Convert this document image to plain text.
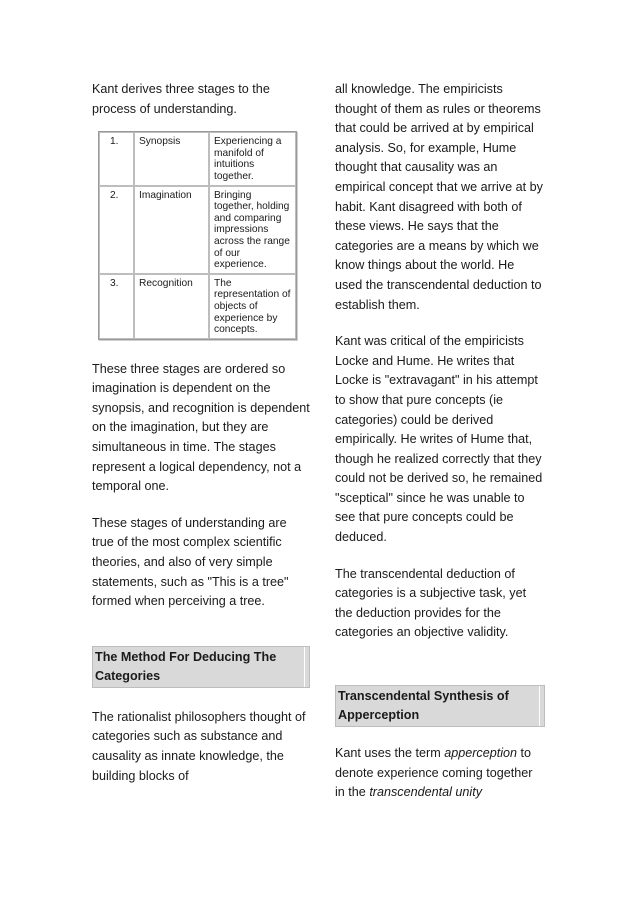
Kant derives three stages to the process of understanding.

1.	Synopsis	Experiencing a manifold of intuitions together.
2.	Imagination	Bringing together, holding and comparing impressions across the range of our experience.
3.	Recognition	The representation of objects of experience by concepts.

These three stages are ordered so imagination is dependent on the synopsis, and recognition is dependent on the imagination, but they are simultaneous in time. The stages represent a logical dependency, not a temporal one.

These stages of understanding are true of the most complex scientific theories, and also of very simple statements, such as "This is a tree" formed when perceiving a tree.

The Method For Deducing The Categories

The rationalist philosophers thought of categories such as substance and causality as innate knowledge, the building blocks of

all knowledge. The empiricists thought of them as rules or theorems that could be arrived at by empirical analysis. So, for example, Hume thought that causality was an empirical concept that we arrive at by habit. Kant disagreed with both of these views. He says that the categories are a means by which we know things about the world. He used the transcendental deduction to establish them.

Kant was critical of the empiricists Locke and Hume. He writes that Locke is "extravagant" in his attempt to show that pure concepts (ie categories) could be derived empirically. He writes of Hume that, though he realized correctly that they could not be derived so, he remained "sceptical" since he was unable to see that pure concepts could be deduced.

The transcendental deduction of categories is a subjective task, yet the deduction provides for the categories an objective validity.

Transcendental Synthesis of Apperception

Kant uses the term apperception to denote experience coming together in the transcendental unity
